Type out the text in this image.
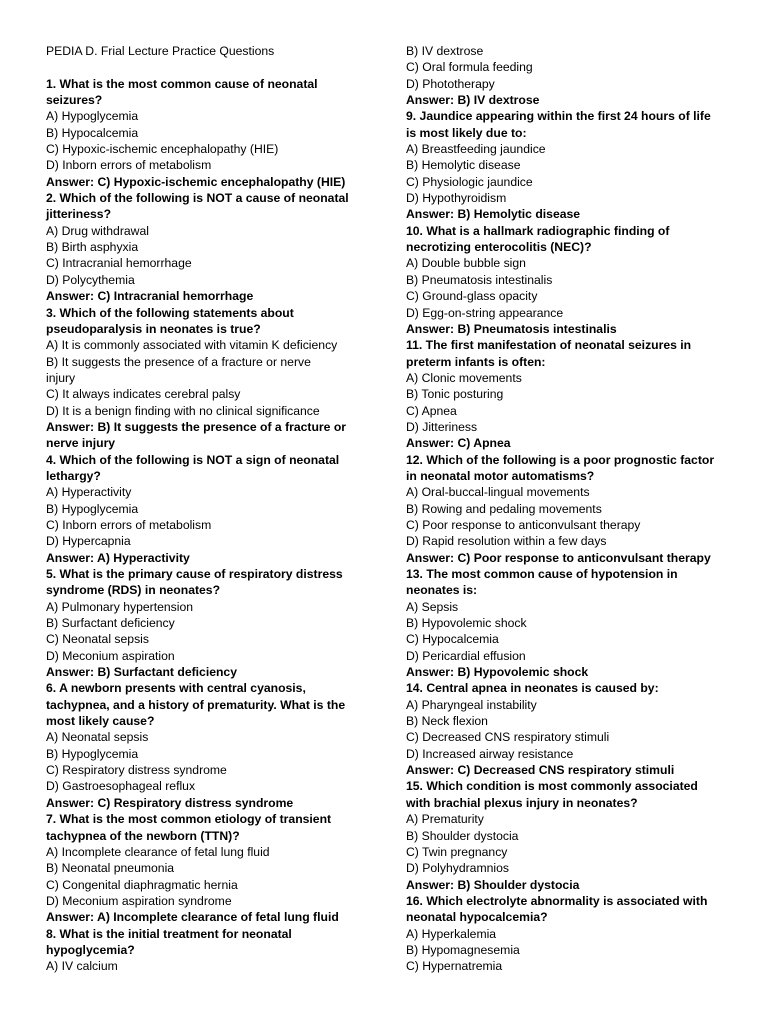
PEDIA D. Frial Lecture Practice Questions

1. What is the most common cause of neonatal
seizures?
A) Hypoglycemia
B) Hypocalcemia
C) Hypoxic-ischemic encephalopathy (HIE)
D) Inborn errors of metabolism
Answer: C) Hypoxic-ischemic encephalopathy (HIE)
2. Which of the following is NOT a cause of neonatal
jitteriness?
A) Drug withdrawal
B) Birth asphyxia
C) Intracranial hemorrhage
D) Polycythemia
Answer: C) Intracranial hemorrhage
3. Which of the following statements about
pseudoparalysis in neonates is true?
A) It is commonly associated with vitamin K deficiency
B) It suggests the presence of a fracture or nerve
injury
C) It always indicates cerebral palsy
D) It is a benign finding with no clinical significance
Answer: B) It suggests the presence of a fracture or
nerve injury
4. Which of the following is NOT a sign of neonatal
lethargy?
A) Hyperactivity
B) Hypoglycemia
C) Inborn errors of metabolism
D) Hypercapnia
Answer: A) Hyperactivity
5. What is the primary cause of respiratory distress
syndrome (RDS) in neonates?
A) Pulmonary hypertension
B) Surfactant deficiency
C) Neonatal sepsis
D) Meconium aspiration
Answer: B) Surfactant deficiency
6. A newborn presents with central cyanosis,
tachypnea, and a history of prematurity. What is the
most likely cause?
A) Neonatal sepsis
B) Hypoglycemia
C) Respiratory distress syndrome
D) Gastroesophageal reflux
Answer: C) Respiratory distress syndrome
7. What is the most common etiology of transient
tachypnea of the newborn (TTN)?
A) Incomplete clearance of fetal lung fluid
B) Neonatal pneumonia
C) Congenital diaphragmatic hernia
D) Meconium aspiration syndrome
Answer: A) Incomplete clearance of fetal lung fluid
8. What is the initial treatment for neonatal
hypoglycemia?
A) IV calcium
B) IV dextrose
C) Oral formula feeding
D) Phototherapy
Answer: B) IV dextrose
9. Jaundice appearing within the first 24 hours of life
is most likely due to:
A) Breastfeeding jaundice
B) Hemolytic disease
C) Physiologic jaundice
D) Hypothyroidism
Answer: B) Hemolytic disease
10. What is a hallmark radiographic finding of
necrotizing enterocolitis (NEC)?
A) Double bubble sign
B) Pneumatosis intestinalis
C) Ground-glass opacity
D) Egg-on-string appearance
Answer: B) Pneumatosis intestinalis
11. The first manifestation of neonatal seizures in
preterm infants is often:
A) Clonic movements
B) Tonic posturing
C) Apnea
D) Jitteriness
Answer: C) Apnea
12. Which of the following is a poor prognostic factor
in neonatal motor automatisms?
A) Oral-buccal-lingual movements
B) Rowing and pedaling movements
C) Poor response to anticonvulsant therapy
D) Rapid resolution within a few days
Answer: C) Poor response to anticonvulsant therapy
13. The most common cause of hypotension in
neonates is:
A) Sepsis
B) Hypovolemic shock
C) Hypocalcemia
D) Pericardial effusion
Answer: B) Hypovolemic shock
14. Central apnea in neonates is caused by:
A) Pharyngeal instability
B) Neck flexion
C) Decreased CNS respiratory stimuli
D) Increased airway resistance
Answer: C) Decreased CNS respiratory stimuli
15. Which condition is most commonly associated
with brachial plexus injury in neonates?
A) Prematurity
B) Shoulder dystocia
C) Twin pregnancy
D) Polyhydramnios
Answer: B) Shoulder dystocia
16. Which electrolyte abnormality is associated with
neonatal hypocalcemia?
A) Hyperkalemia
B) Hypomagnesemia
C) Hypernatremia
